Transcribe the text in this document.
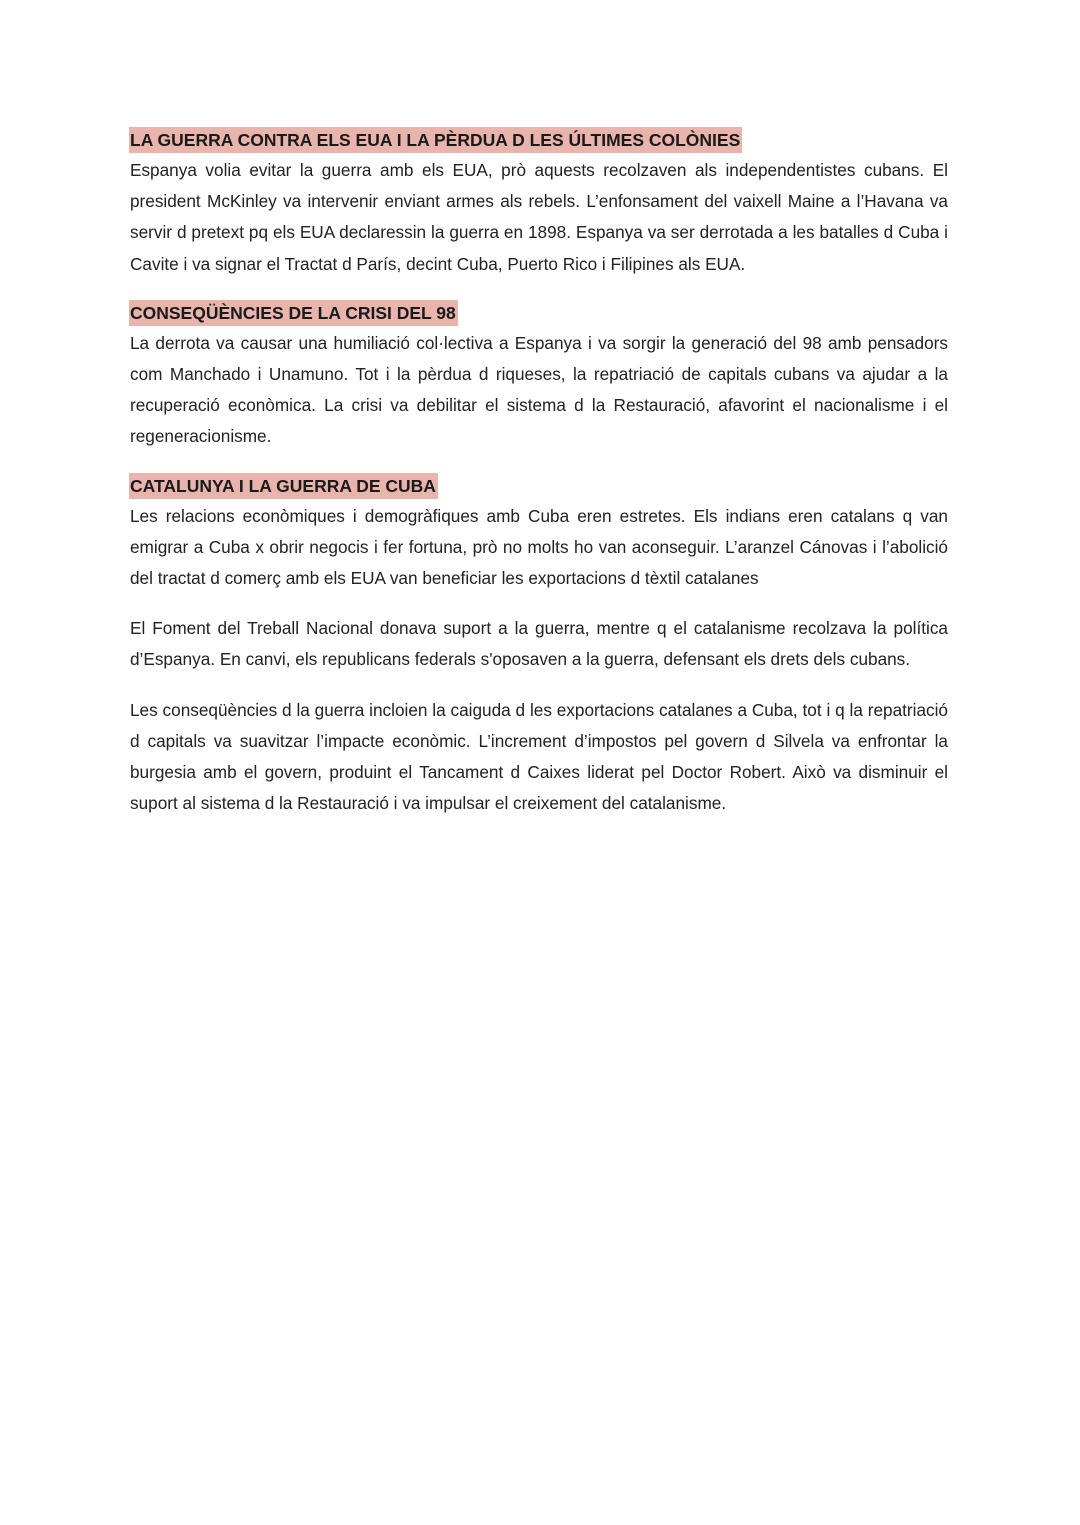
LA GUERRA CONTRA ELS EUA I LA PÈRDUA D LES ÚLTIMES COLÒNIES

Espanya volia evitar la guerra amb els EUA, prò aquests recolzaven als independentistes cubans. El president McKinley va intervenir enviant armes als rebels. L’enfonsament del vaixell Maine a l’Havana va servir d pretext pq els EUA declaressin la guerra en 1898. Espanya va ser derrotada a les batalles d Cuba i Cavite i va signar el Tractat d París, decint Cuba, Puerto Rico i Filipines als EUA.

CONSEQÜÈNCIES DE LA CRISI DEL 98

La derrota va causar una humiliació col·lectiva a Espanya i va sorgir la generació del 98 amb pensadors com Manchado i Unamuno. Tot i la pèrdua d riqueses, la repatriació de capitals cubans va ajudar a la recuperació econòmica. La crisi va debilitar el sistema d la Restauració, afavorint el nacionalisme i el regeneracionisme.

CATALUNYA I LA GUERRA DE CUBA

Les relacions econòmiques i demogràfiques amb Cuba eren estretes. Els indians eren catalans q van emigrar a Cuba x obrir negocis i fer fortuna, prò no molts ho van aconseguir. L’aranzel Cánovas i l’abolició del tractat d comerç amb els EUA van beneficiar les exportacions d tèxtil catalanes

El Foment del Treball Nacional donava suport a la guerra, mentre q el catalanisme recolzava la política d’Espanya. En canvi, els republicans federals s'oposaven a la guerra, defensant els drets dels cubans.

Les conseqüències d la guerra incloien la caiguda d les exportacions catalanes a Cuba, tot i q la repatriació d capitals va suavitzar l’impacte econòmic. L’increment d’impostos pel govern d Silvela va enfrontar la burgesia amb el govern, produint el Tancament d Caixes liderat pel Doctor Robert. Això va disminuir el suport al sistema d la Restauració i va impulsar el creixement del catalanisme.
